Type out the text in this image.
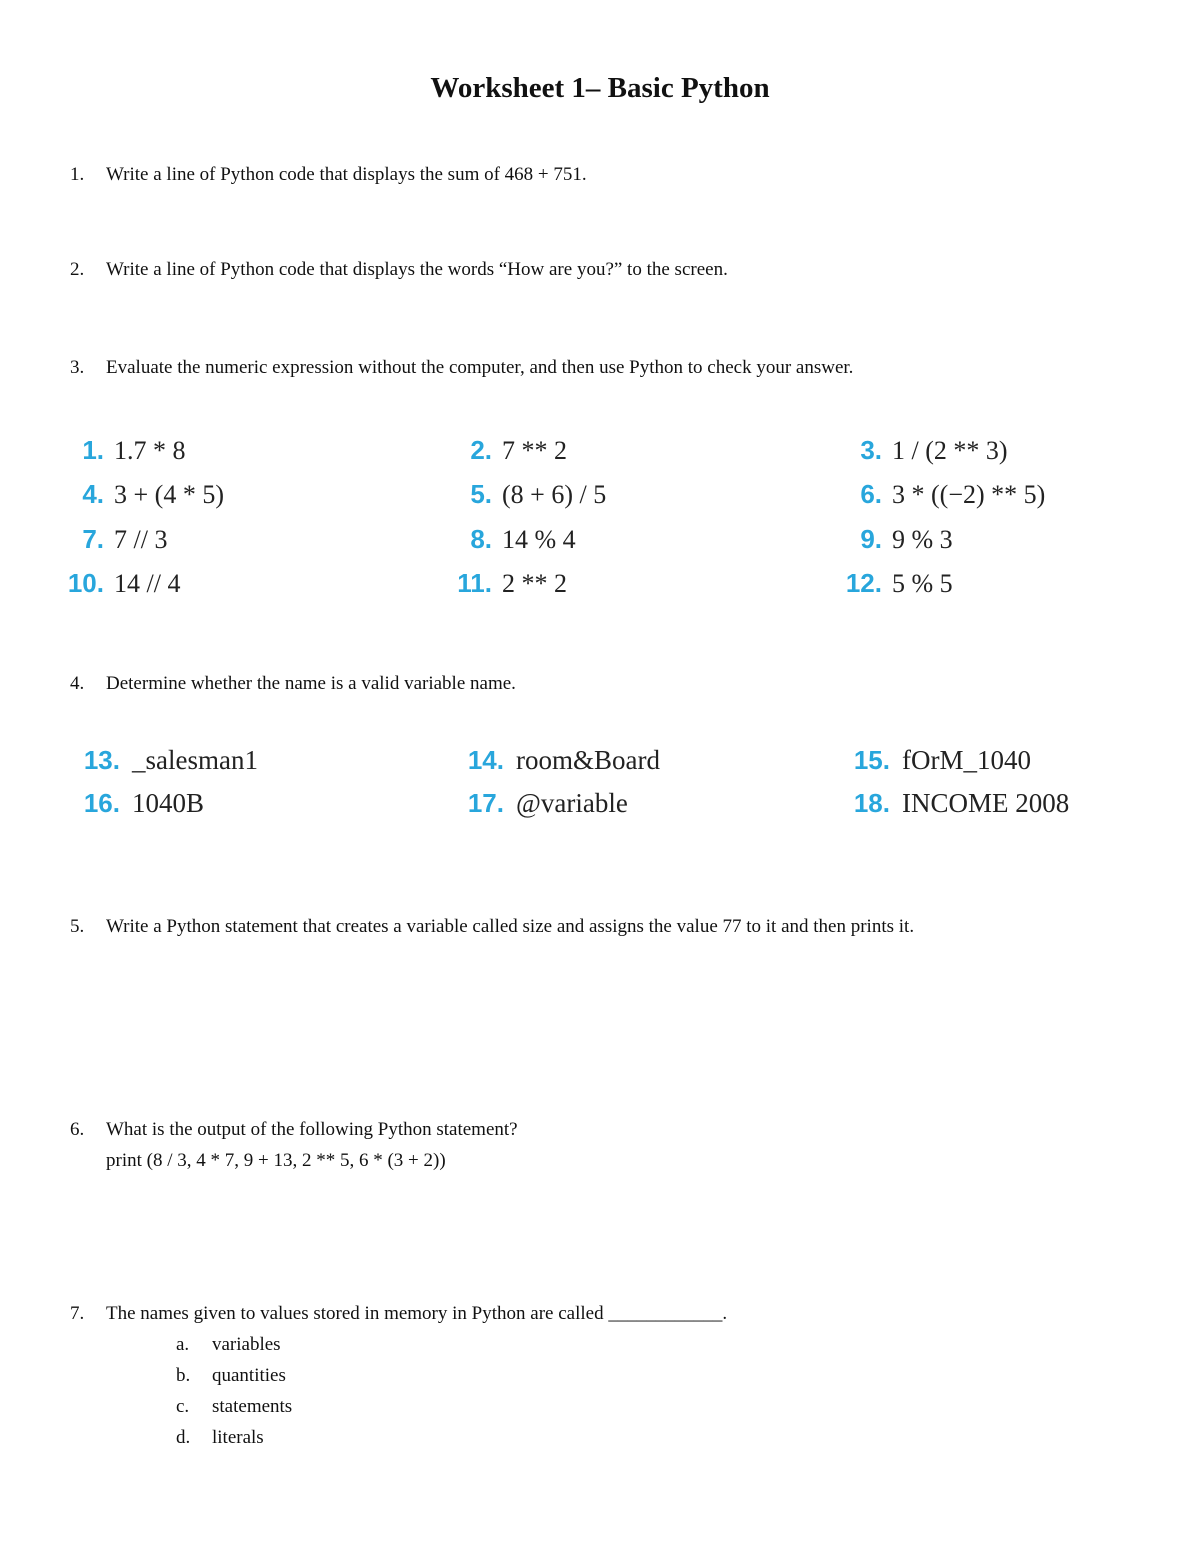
Worksheet 1– Basic Python
1. Write a line of Python code that displays the sum of 468 + 751.
2. Write a line of Python code that displays the words “How are you?” to the screen.
3. Evaluate the numeric expression without the computer, and then use Python to check your answer.
1. 1.7 * 8	2. 7 ** 2	3. 1 / (2 ** 3)
4. 3 + (4 * 5)	5. (8 + 6) / 5	6. 3 * ((−2) ** 5)
7. 7 // 3	8. 14 % 4	9. 9 % 3
10. 14 // 4	11. 2 ** 2	12. 5 % 5
4. Determine whether the name is a valid variable name.
13. _salesman1	14. room&Board	15. fOrM_1040
16. 1040B	17. @variable	18. INCOME 2008
5. Write a Python statement that creates a variable called size and assigns the value 77 to it and then prints it.
6. What is the output of the following Python statement?
print (8 / 3, 4 * 7, 9 + 13, 2 ** 5, 6 * (3 + 2))
7. The names given to values stored in memory in Python are called ____________.
a. variables
b. quantities
c. statements
d. literals
